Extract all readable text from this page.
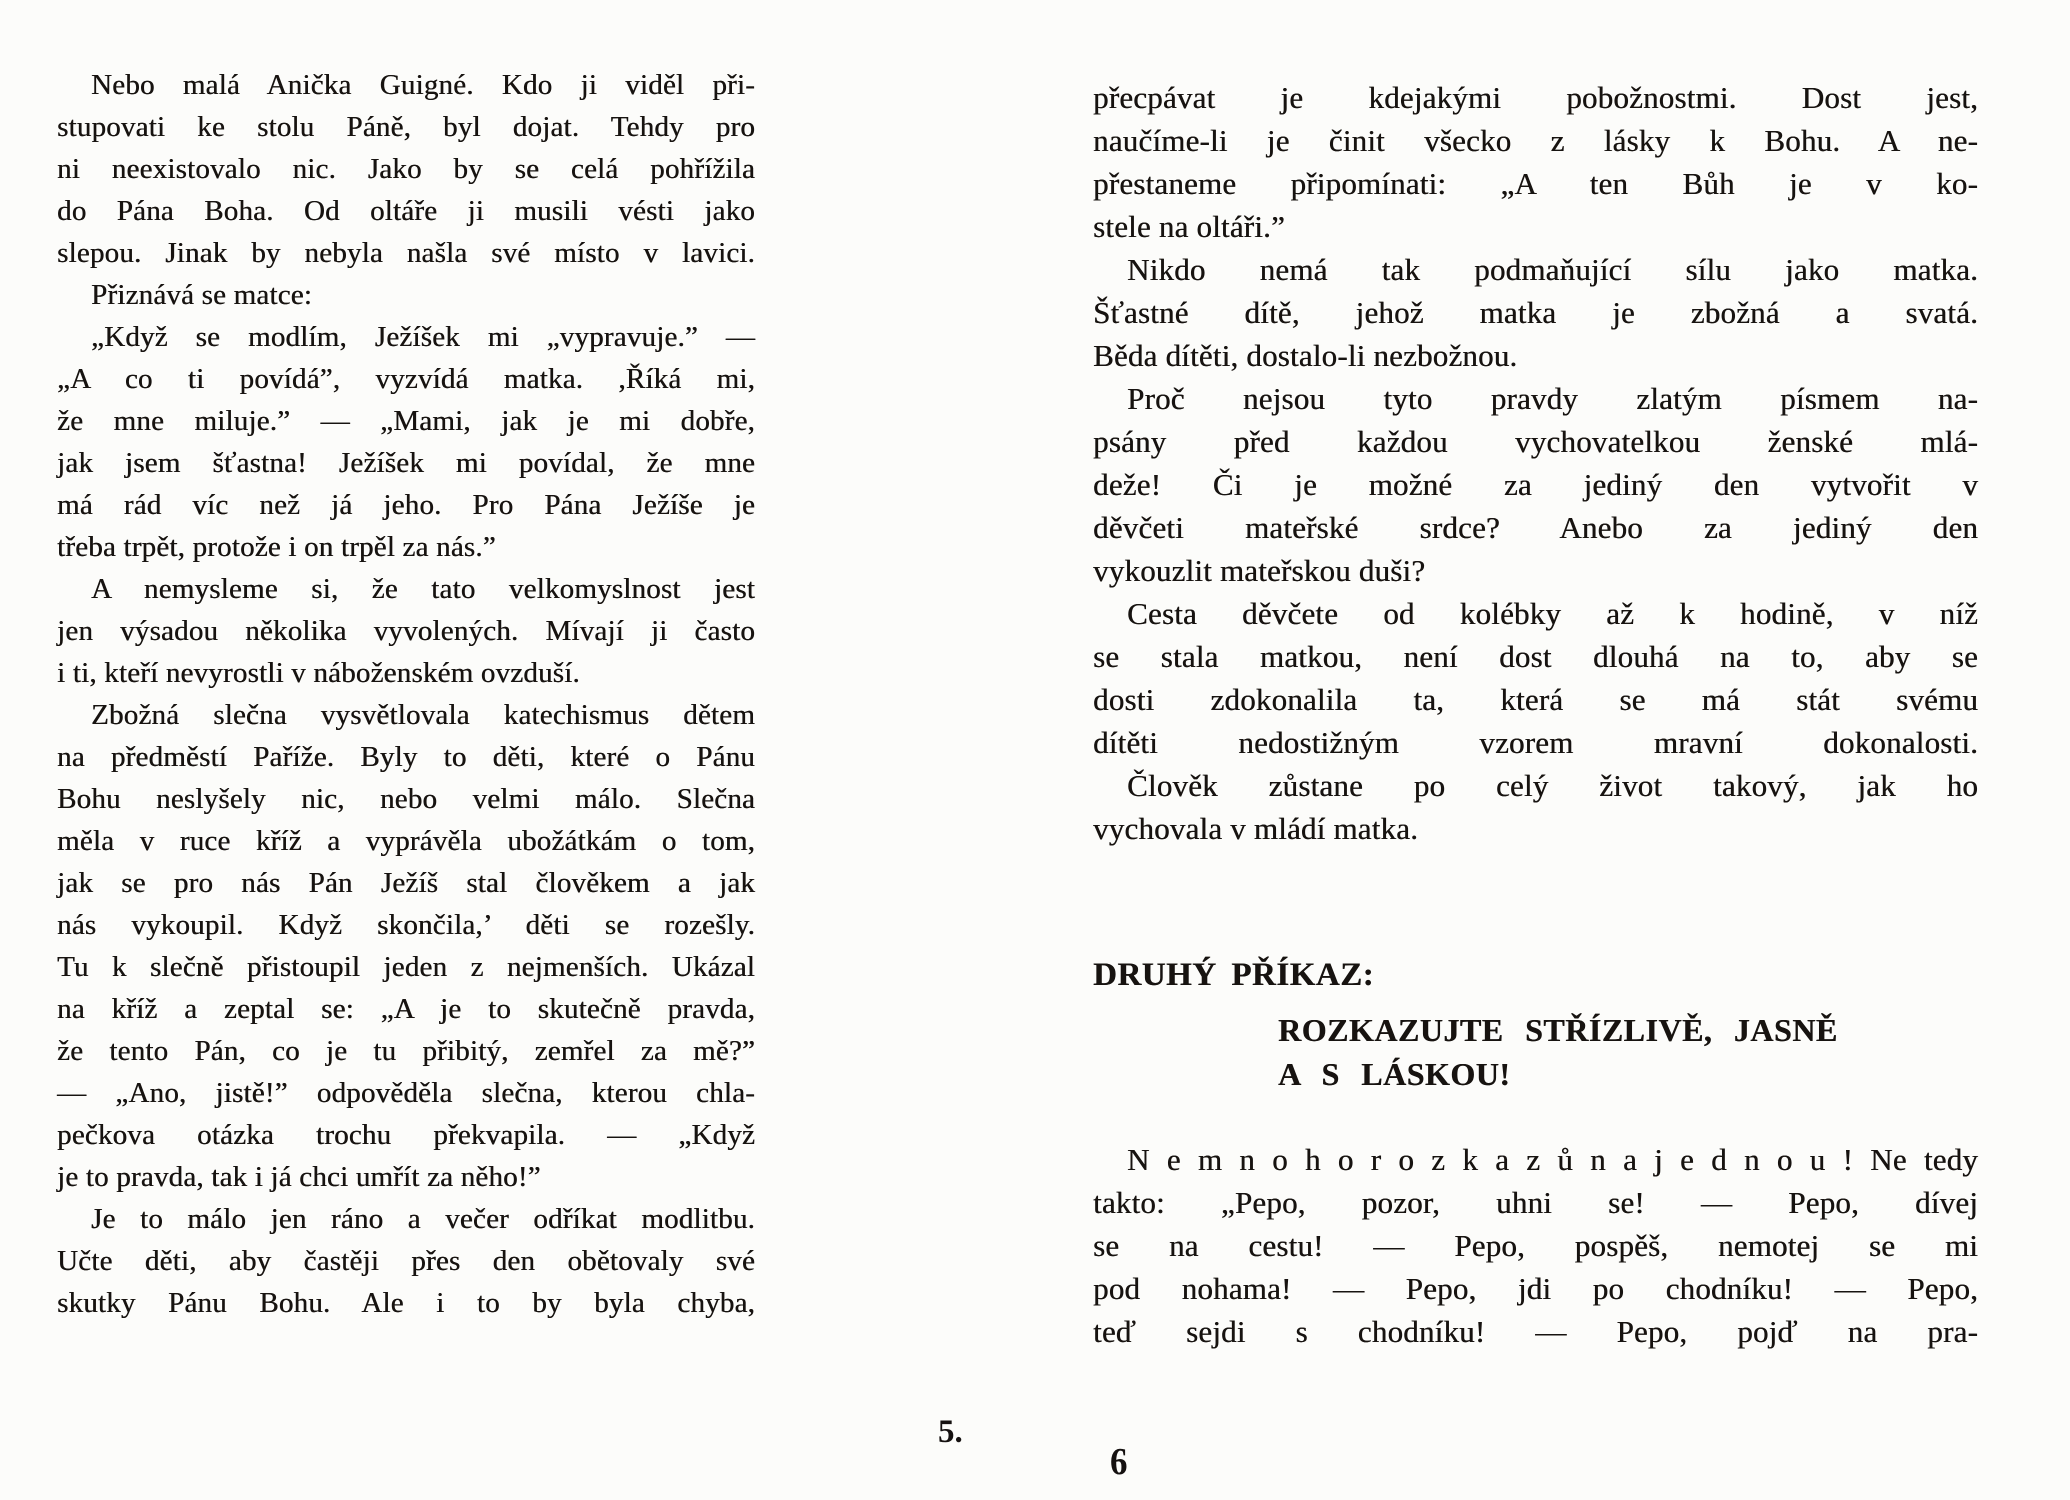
Nebo malá Anička Guigné. Kdo ji viděl při-
stupovati ke stolu Páně, byl dojat. Tehdy pro
ni neexistovalo nic. Jako by se celá pohřížila
do Pána Boha. Od oltáře ji musili vésti jako
slepou. Jinak by nebyla našla své místo v lavici.
Přiznává se matce:
„Když se modlím, Ježíšek mi „vypravuje.” —
„A co ti povídá”, vyzvídá matka. ,Říká mi,
že mne miluje.” — „Mami, jak je mi dobře,
jak jsem šťastna! Ježíšek mi povídal, že mne
má rád víc než já jeho. Pro Pána Ježíše je
třeba trpět, protože i on trpěl za nás.”
A nemysleme si, že tato velkomyslnost jest
jen výsadou několika vyvolených. Mívají ji často
i ti, kteří nevyrostli v náboženském ovzduší.
Zbožná slečna vysvětlovala katechismus dětem
na předměstí Paříže. Byly to děti, které o Pánu
Bohu neslyšely nic, nebo velmi málo. Slečna
měla v ruce kříž a vyprávěla ubožátkám o tom,
jak se pro nás Pán Ježíš stal člověkem a jak
nás vykoupil. Když skončila,’ děti se rozešly.
Tu k slečně přistoupil jeden z nejmenších. Ukázal
na kříž a zeptal se: „A je to skutečně pravda,
že tento Pán, co je tu přibitý, zemřel za mě?”
— „Ano, jistě!” odpověděla slečna, kterou chla-
pečkova otázka trochu překvapila. — „Když
je to pravda, tak i já chci umřít za něho!”
Je to málo jen ráno a večer odříkat modlitbu.
Učte děti, aby častěji přes den obětovaly své
skutky Pánu Bohu. Ale i to by byla chyba,
přecpávat je kdejakými pobožnostmi. Dost jest,
naučíme-li je činit všecko z lásky k Bohu. A ne-
přestaneme připomínati: „A ten Bůh je v ko-
stele na oltáři.”
Nikdo nemá tak podmaňující sílu jako matka.
Šťastné dítě, jehož matka je zbožná a svatá.
Běda dítěti, dostalo-li nezbožnou.
Proč nejsou tyto pravdy zlatým písmem na-
psány před každou vychovatelkou ženské mlá-
deže! Či je možné za jediný den vytvořit v
děvčeti mateřské srdce? Anebo za jediný den
vykouzlit mateřskou duši?
Cesta děvčete od kolébky až k hodině, v níž
se stala matkou, není dost dlouhá na to, aby se
dosti zdokonalila ta, která se má stát svému
dítěti nedostižným vzorem mravní dokonalosti.
Člověk zůstane po celý život takový, jak ho
vychovala v mládí matka.
DRUHÝ PŘÍKAZ:
ROZKAZUJTE STŘÍZLIVĚ, JASNĚ
A S LÁSKOU!
N e m n o h o r o z k a z ů n a j e d n o u ! Ne tedy
takto: „Pepo, pozor, uhni se! — Pepo, dívej
se na cestu! — Pepo, pospěš, nemotej se mi
pod nohama! — Pepo, jdi po chodníku! — Pepo,
teď sejdi s chodníku! — Pepo, pojď na pra-
5.
6
